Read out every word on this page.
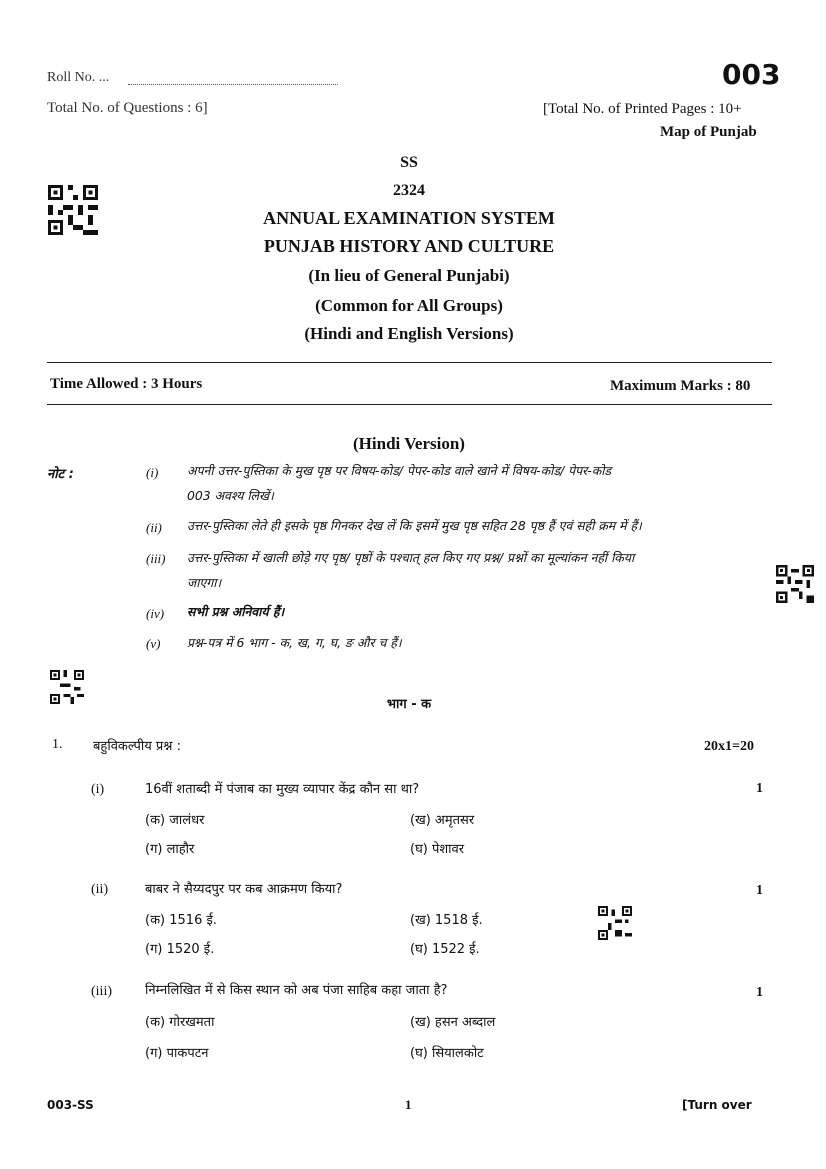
Roll No. ...	003
Total No. of Questions : 6]	[Total No. of Printed Pages : 10+
Map of Punjab
SS
2324
ANNUAL EXAMINATION SYSTEM
PUNJAB HISTORY AND CULTURE
(In lieu of General Punjabi)
(Common for All Groups)
(Hindi and English Versions)
Time Allowed : 3 Hours	Maximum Marks : 80
(Hindi Version)
नोट :	(i) अपनी उत्तर-पुस्तिका के मुख पृष्ठ पर विषय-कोड/ पेपर-कोड वाले खाने में विषय-कोड/ पेपर-कोड
003 अवश्य लिखें।
(ii) उत्तर-पुस्तिका लेते ही इसके पृष्ठ गिनकर देख लें कि इसमें मुख पृष्ठ सहित 28 पृष्ठ हैं एवं सही क्रम में हैं।
(iii) उत्तर-पुस्तिका में खाली छोड़े गए पृष्ठ/ पृष्ठों के पश्चात् हल किए गए प्रश्न/ प्रश्नों का मूल्यांकन नहीं किया
जाएगा।
(iv) सभी प्रश्न अनिवार्य हैं।
(v) प्रश्न-पत्र में 6 भाग - क, ख, ग, घ, ङ और च हैं।
भाग - क
1. बहुविकल्पीय प्रश्न :	20x1=20
(i)	16वीं शताब्दी में पंजाब का मुख्य व्यापार केंद्र कौन सा था?	1
(क) जालंधर	(ख) अमृतसर
(ग) लाहौर	(घ) पेशावर
(ii)	बाबर ने सैय्यदपुर पर कब आक्रमण किया?	1
(क) 1516 ई.	(ख) 1518 ई.
(ग) 1520 ई.	(घ) 1522 ई.
(iii)	निम्नलिखित में से किस स्थान को अब पंजा साहिब कहा जाता है?	1
(क) गोरखमता	(ख) हसन अब्दाल
(ग) पाकपटन	(घ) सियालकोट
003-SS	1	[Turn over
